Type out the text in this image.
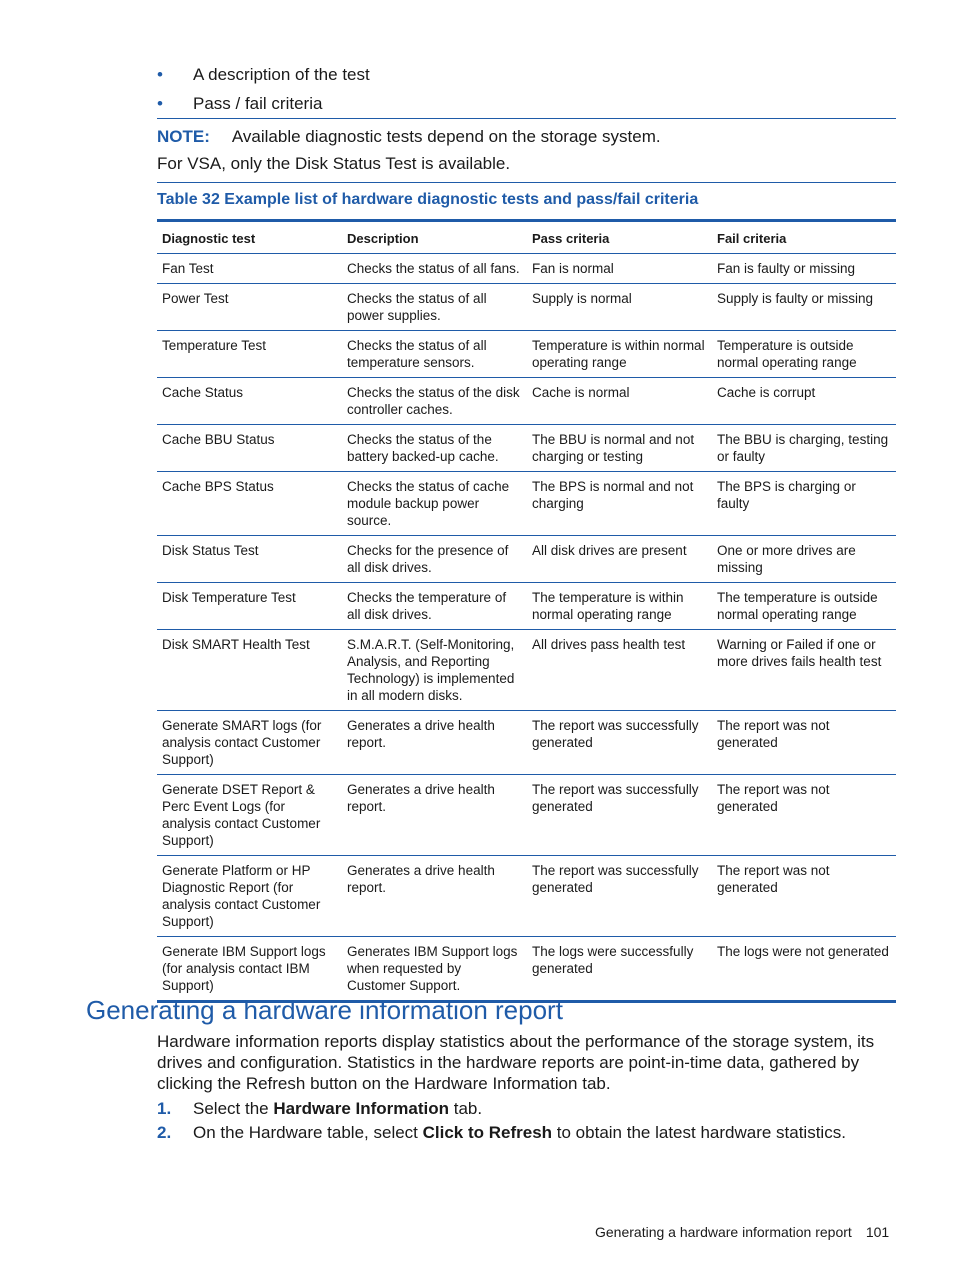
• A description of the test
• Pass / fail criteria
NOTE: Available diagnostic tests depend on the storage system.
For VSA, only the Disk Status Test is available.
Table 32 Example list of hardware diagnostic tests and pass/fail criteria
Diagnostic test	Description	Pass criteria	Fail criteria
Fan Test	Checks the status of all fans.	Fan is normal	Fan is faulty or missing
Power Test	Checks the status of all power supplies.	Supply is normal	Supply is faulty or missing
Temperature Test	Checks the status of all temperature sensors.	Temperature is within normal operating range	Temperature is outside normal operating range
Cache Status	Checks the status of the disk controller caches.	Cache is normal	Cache is corrupt
Cache BBU Status	Checks the status of the battery backed-up cache.	The BBU is normal and not charging or testing	The BBU is charging, testing or faulty
Cache BPS Status	Checks the status of cache module backup power source.	The BPS is normal and not charging	The BPS is charging or faulty
Disk Status Test	Checks for the presence of all disk drives.	All disk drives are present	One or more drives are missing
Disk Temperature Test	Checks the temperature of all disk drives.	The temperature is within normal operating range	The temperature is outside normal operating range
Disk SMART Health Test	S.M.A.R.T. (Self-Monitoring, Analysis, and Reporting Technology) is implemented in all modern disks.	All drives pass health test	Warning or Failed if one or more drives fails health test
Generate SMART logs (for analysis contact Customer Support)	Generates a drive health report.	The report was successfully generated	The report was not generated
Generate DSET Report & Perc Event Logs (for analysis contact Customer Support)	Generates a drive health report.	The report was successfully generated	The report was not generated
Generate Platform or HP Diagnostic Report (for analysis contact Customer Support)	Generates a drive health report.	The report was successfully generated	The report was not generated
Generate IBM Support logs (for analysis contact IBM Support)	Generates IBM Support logs when requested by Customer Support.	The logs were successfully generated	The logs were not generated
Generating a hardware information report
Hardware information reports display statistics about the performance of the storage system, its drives and configuration. Statistics in the hardware reports are point-in-time data, gathered by clicking the Refresh button on the Hardware Information tab.
1. Select the Hardware Information tab.
2. On the Hardware table, select Click to Refresh to obtain the latest hardware statistics.
Generating a hardware information report 101
